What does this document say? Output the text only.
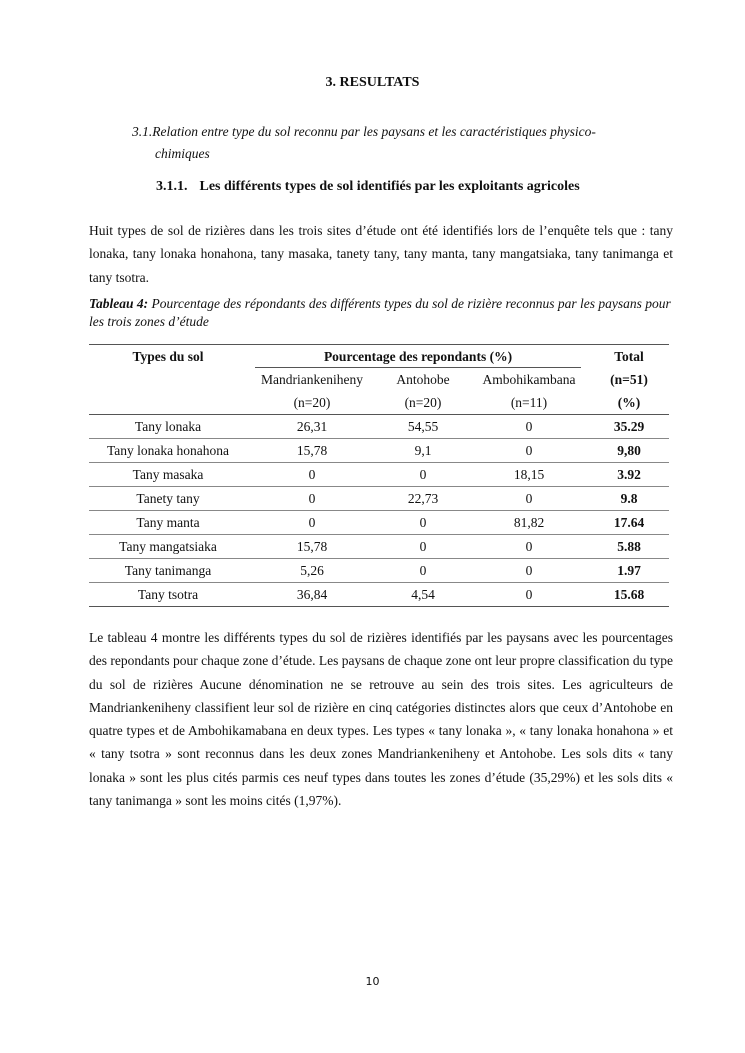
3. RESULTATS
3.1.Relation entre type du sol reconnu par les paysans et les caractéristiques physico-
chimiques
3.1.1. Les différents types de sol identifiés par les exploitants agricoles
Huit types de sol de rizières dans les trois sites d’étude ont été identifiés lors de l’enquête tels que : tany lonaka, tany lonaka honahona, tany masaka, tanety tany, tany manta, tany mangatsiaka, tany tanimanga et tany tsotra.
Tableau 4: Pourcentage des répondants des différents types du sol de rizière reconnus par les paysans pour les trois zones d’étude
Types du sol	Pourcentage des repondants (%)			Total
	Mandriankeniheny	Antohobe	Ambohikambana	(n=51)
	(n=20)	(n=20)	(n=11)	(%)
Tany lonaka	26,31	54,55	0	35.29
Tany lonaka honahona	15,78	9,1	0	9,80
Tany masaka	0	0	18,15	3.92
Tanety tany	0	22,73	0	9.8
Tany manta	0	0	81,82	17.64
Tany mangatsiaka	15,78	0	0	5.88
Tany tanimanga	5,26	0	0	1.97
Tany tsotra	36,84	4,54	0	15.68
Le tableau 4 montre les différents types du sol de rizières identifiés par les paysans avec les pourcentages des repondants pour chaque zone d’étude. Les paysans de chaque zone ont leur propre classification du type du sol de rizières Aucune dénomination ne se retrouve au sein des trois sites. Les agriculteurs de Mandriankeniheny classifient leur sol de rizière en cinq catégories distinctes alors que ceux d’Antohobe en quatre types et de Ambohikamabana en deux types. Les types « tany lonaka », « tany lonaka honahona » et « tany tsotra » sont reconnus dans les deux zones Mandriankeniheny et Antohobe. Les sols dits « tany lonaka » sont les plus cités parmis ces neuf types dans toutes les zones d’étude (35,29%) et les sols dits « tany tanimanga » sont les moins cités (1,97%).
10
